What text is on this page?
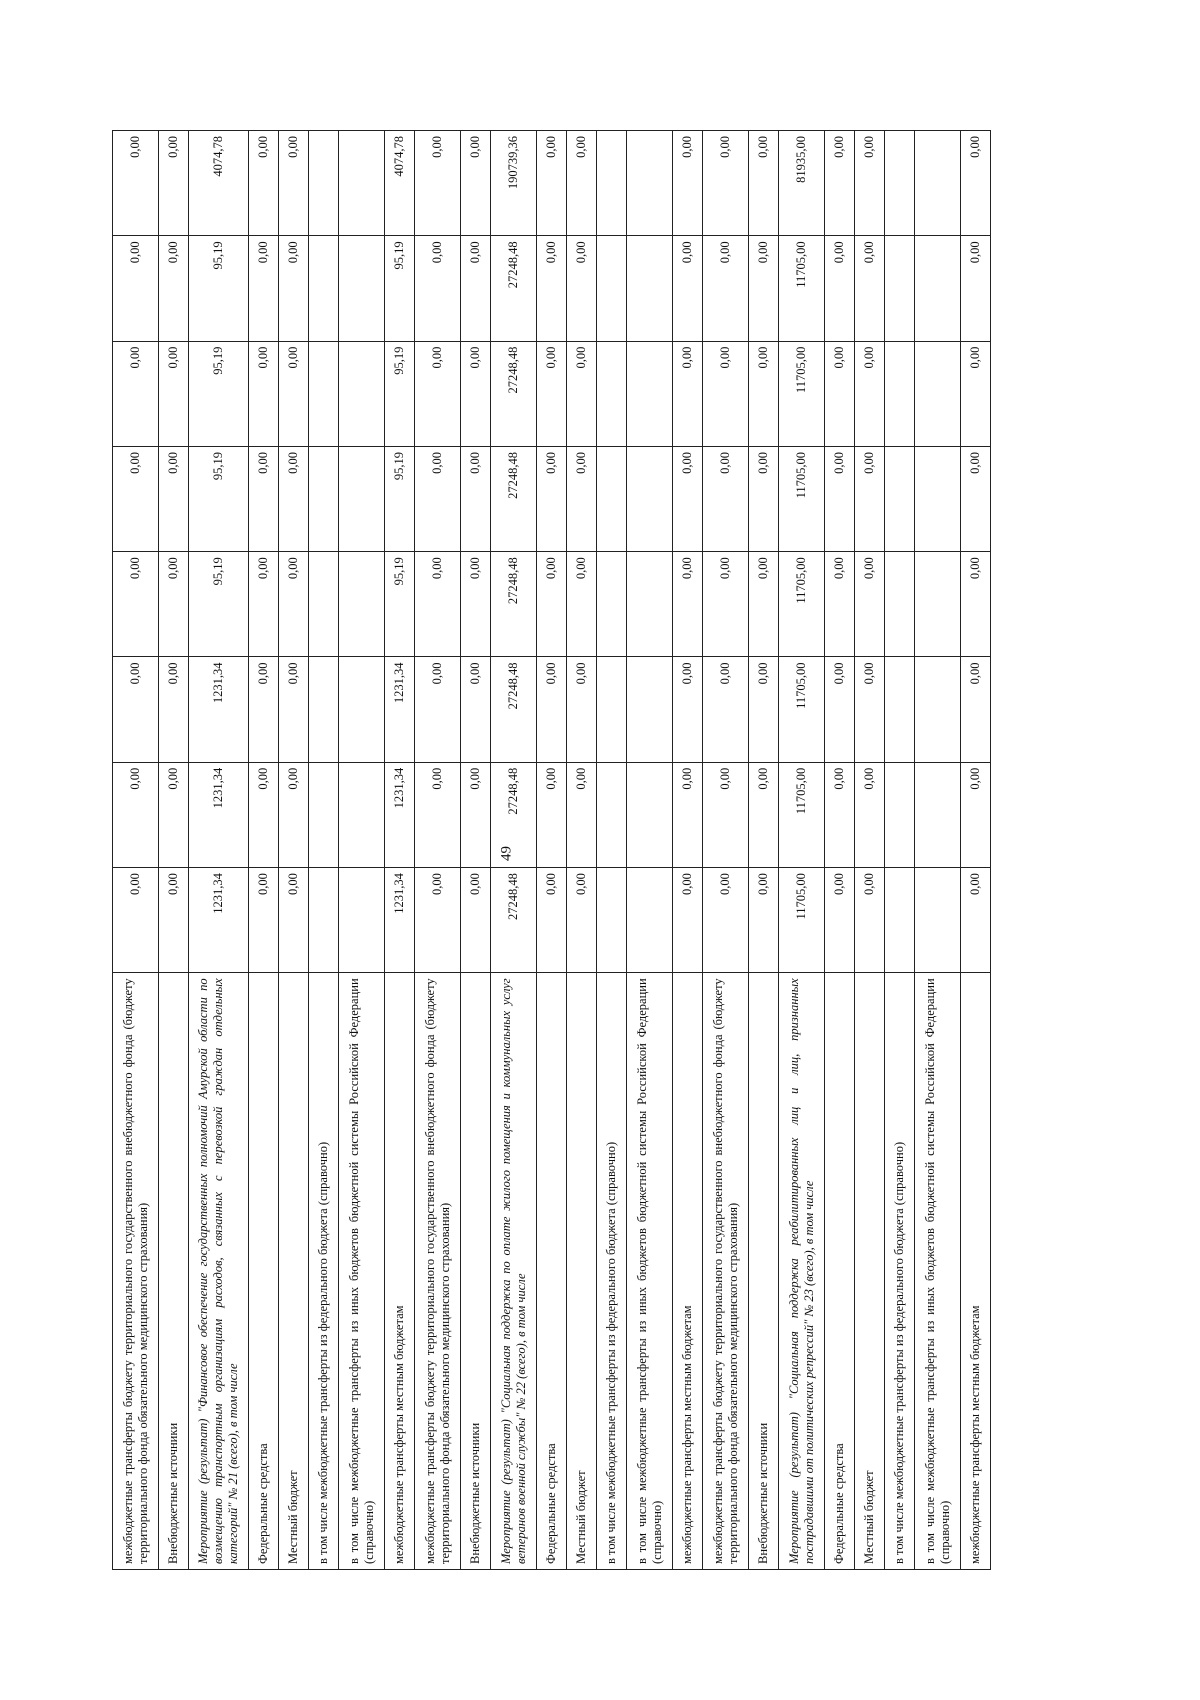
49
межбюджетные трансферты бюджету территориального государственного внебюджетного фонда (бюджету территориального фонда обязательного медицинского страхования)	0,00	0,00	0,00	0,00	0,00	0,00	0,00	0,00
Внебюджетные источники	0,00	0,00	0,00	0,00	0,00	0,00	0,00	0,00
Мероприятие (результат) "Финансовое обеспечение государственных полномочий Амурской области по возмещению транспортным организациям расходов, связанных с перевозкой граждан отдельных категорий" № 21 (всего), в том числе	1231,34	1231,34	1231,34	95,19	95,19	95,19	95,19	4074,78
Федеральные средства	0,00	0,00	0,00	0,00	0,00	0,00	0,00	0,00
Местный бюджет	0,00	0,00	0,00	0,00	0,00	0,00	0,00	0,00
в том числе межбюджетные трансферты из федерального бюджета (справочно)								
в том числе межбюджетные трансферты из иных бюджетов бюджетной системы Российской Федерации (справочно)								
межбюджетные трансферты местным бюджетам	1231,34	1231,34	1231,34	95,19	95,19	95,19	95,19	4074,78
межбюджетные трансферты бюджету территориального государственного внебюджетного фонда (бюджету территориального фонда обязательного медицинского страхования)	0,00	0,00	0,00	0,00	0,00	0,00	0,00	0,00
Внебюджетные источники	0,00	0,00	0,00	0,00	0,00	0,00	0,00	0,00
Мероприятие (результат) "Социальная поддержка по оплате жилого помещения и коммунальных услуг ветеранов военной службы" № 22 (всего), в том числе	27248,48	27248,48	27248,48	27248,48	27248,48	27248,48	27248,48	190739,36
Федеральные средства	0,00	0,00	0,00	0,00	0,00	0,00	0,00	0,00
Местный бюджет	0,00	0,00	0,00	0,00	0,00	0,00	0,00	0,00
в том числе межбюджетные трансферты из федерального бюджета (справочно)								
в том числе межбюджетные трансферты из иных бюджетов бюджетной системы Российской Федерации (справочно)								
межбюджетные трансферты местным бюджетам	0,00	0,00	0,00	0,00	0,00	0,00	0,00	0,00
межбюджетные трансферты бюджету территориального государственного внебюджетного фонда (бюджету территориального фонда обязательного медицинского страхования)	0,00	0,00	0,00	0,00	0,00	0,00	0,00	0,00
Внебюджетные источники	0,00	0,00	0,00	0,00	0,00	0,00	0,00	0,00
Мероприятие (результат) "Социальная поддержка реабилитированных лиц и лиц, признанных пострадавшими от политических репрессий" № 23 (всего), в том числе	11705,00	11705,00	11705,00	11705,00	11705,00	11705,00	11705,00	81935,00
Федеральные средства	0,00	0,00	0,00	0,00	0,00	0,00	0,00	0,00
Местный бюджет	0,00	0,00	0,00	0,00	0,00	0,00	0,00	0,00
в том числе межбюджетные трансферты из федерального бюджета (справочно)								
в том числе межбюджетные трансферты из иных бюджетов бюджетной системы Российской Федерации (справочно)								
межбюджетные трансферты местным бюджетам	0,00	0,00	0,00	0,00	0,00	0,00	0,00	0,00
